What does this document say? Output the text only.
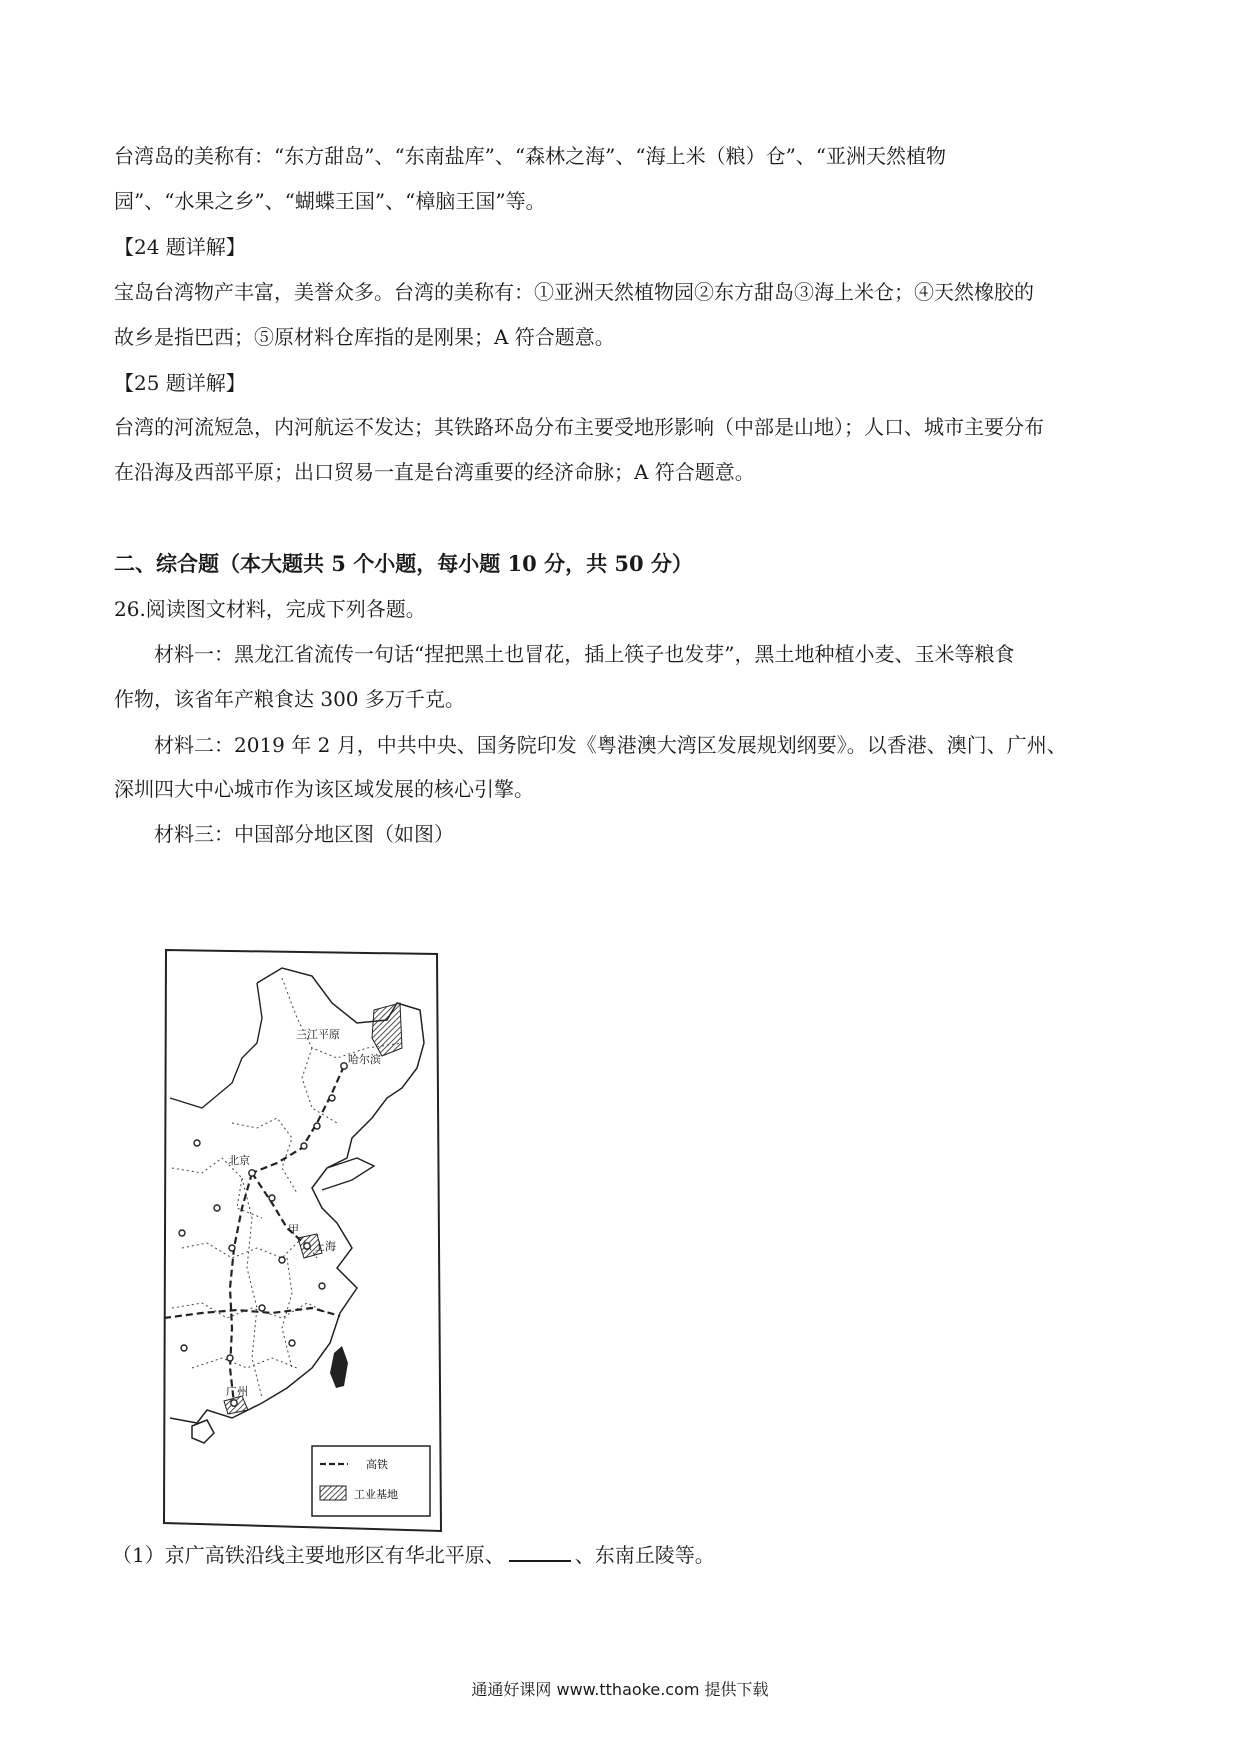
台湾岛的美称有：“东方甜岛”、“东南盐库”、“森林之海”、“海上米（粮）仓”、“亚洲天然植物
园”、“水果之乡”、“蝴蝶王国”、“樟脑王国”等。
【24 题详解】
宝岛台湾物产丰富，美誉众多。台湾的美称有：①亚洲天然植物园②东方甜岛③海上米仓；④天然橡胶的
故乡是指巴西；⑤原材料仓库指的是刚果；A 符合题意。
【25 题详解】
台湾的河流短急，内河航运不发达；其铁路环岛分布主要受地形影响（中部是山地）；人口、城市主要分布
在沿海及西部平原；出口贸易一直是台湾重要的经济命脉；A 符合题意。
二、综合题（本大题共 5 个小题，每小题 10 分，共 50 分）
26.阅读图文材料，完成下列各题。
材料一：黑龙江省流传一句话“捏把黑土也冒花，插上筷子也发芽”，黑土地种植小麦、玉米等粮食
作物，该省年产粮食达 300 多万千克。
材料二：2019 年 2 月，中共中央、国务院印发《粤港澳大湾区发展规划纲要》。以香港、澳门、广州、
深圳四大中心城市作为该区域发展的核心引擎。
材料三：中国部分地区图（如图）
三江平原
哈尔滨
北京
甲
上海
广州
高铁
工业基地
（1）京广高铁沿线主要地形区有华北平原、	、东南丘陵等。
通通好课网 www.tthaoke.com 提供下载
